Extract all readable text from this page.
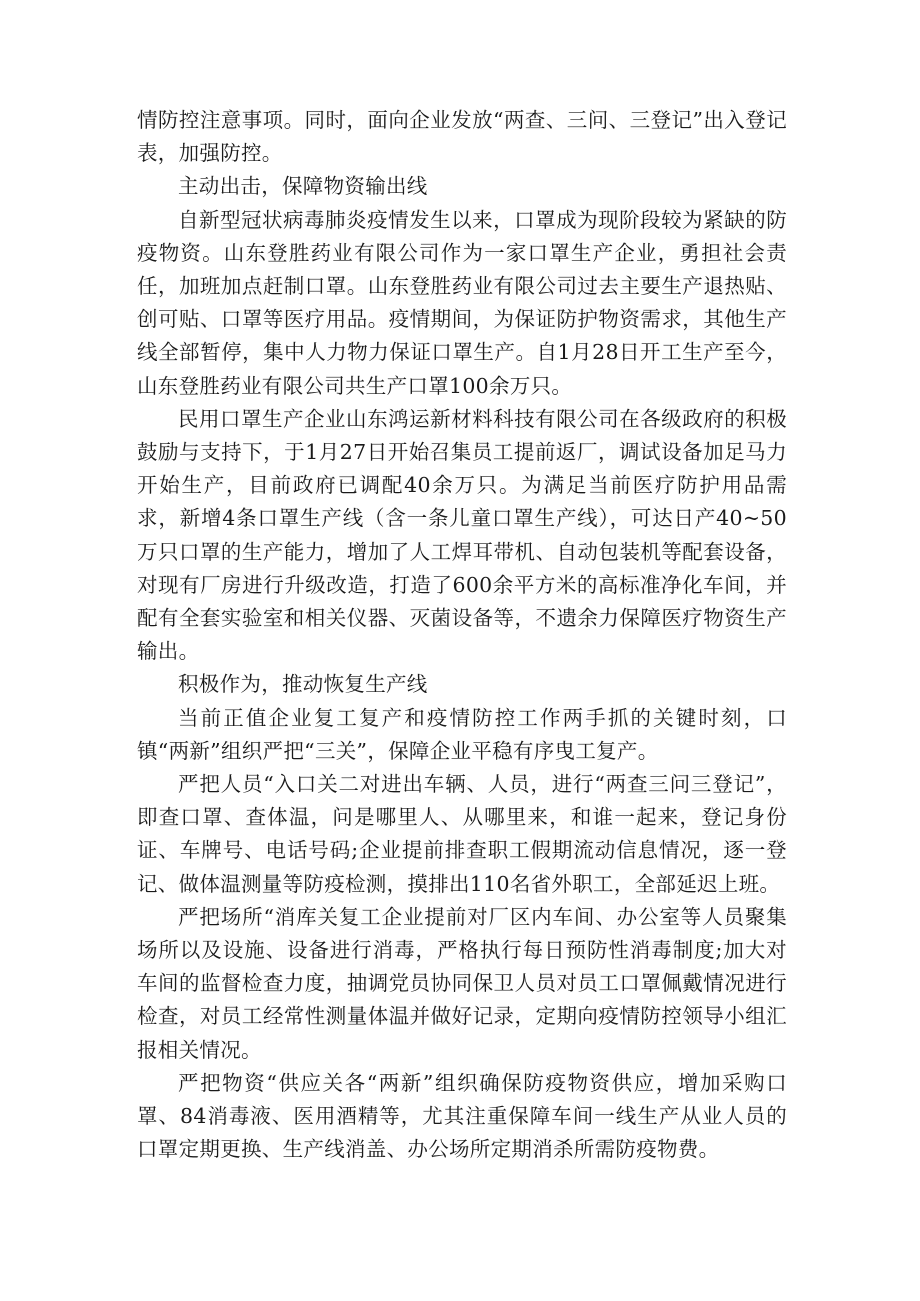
情防控注意事项。同时，面向企业发放“两查、三问、三登记”出入登记表，加强防控。

主动出击，保障物资输出线

自新型冠状病毒肺炎疫情发生以来，口罩成为现阶段较为紧缺的防疫物资。山东登胜药业有限公司作为一家口罩生产企业，勇担社会责任，加班加点赶制口罩。山东登胜药业有限公司过去主要生产退热贴、创可贴、口罩等医疗用品。疫情期间，为保证防护物资需求，其他生产线全部暂停，集中人力物力保证口罩生产。自1月28日开工生产至今，山东登胜药业有限公司共生产口罩100余万只。

民用口罩生产企业山东鸿运新材料科技有限公司在各级政府的积极鼓励与支持下，于1月27日开始召集员工提前返厂，调试设备加足马力开始生产，目前政府已调配40余万只。为满足当前医疗防护用品需求，新增4条口罩生产线（含一条儿童口罩生产线），可达日产40~50万只口罩的生产能力，增加了人工焊耳带机、自动包装机等配套设备，对现有厂房进行升级改造，打造了600余平方米的高标准净化车间，并配有全套实验室和相关仪器、灭菌设备等，不遗余力保障医疗物资生产输出。

积极作为，推动恢复生产线

当前正值企业复工复产和疫情防控工作两手抓的关键时刻，口镇“两新”组织严把“三关”，保障企业平稳有序曳工复产。

严把人员“入口关二对进出车辆、人员，进行“两查三问三登记”，即查口罩、查体温，问是哪里人、从哪里来，和谁一起来，登记身份证、车牌号、电话号码;企业提前排查职工假期流动信息情况，逐一登记、做体温测量等防疫检测，摸排出110名省外职工，全部延迟上班。

严把场所“消库关复工企业提前对厂区内车间、办公室等人员聚集场所以及设施、设备进行消毒，严格执行每日预防性消毒制度;加大对车间的监督检查力度，抽调党员协同保卫人员对员工口罩佩戴情况进行检查，对员工经常性测量体温并做好记录，定期向疫情防控领导小组汇报相关情况。

严把物资“供应关各“两新”组织确保防疫物资供应，增加采购口罩、84消毒液、医用酒精等，尤其注重保障车间一线生产从业人员的口罩定期更换、生产线消盖、办公场所定期消杀所需防疫物费。
